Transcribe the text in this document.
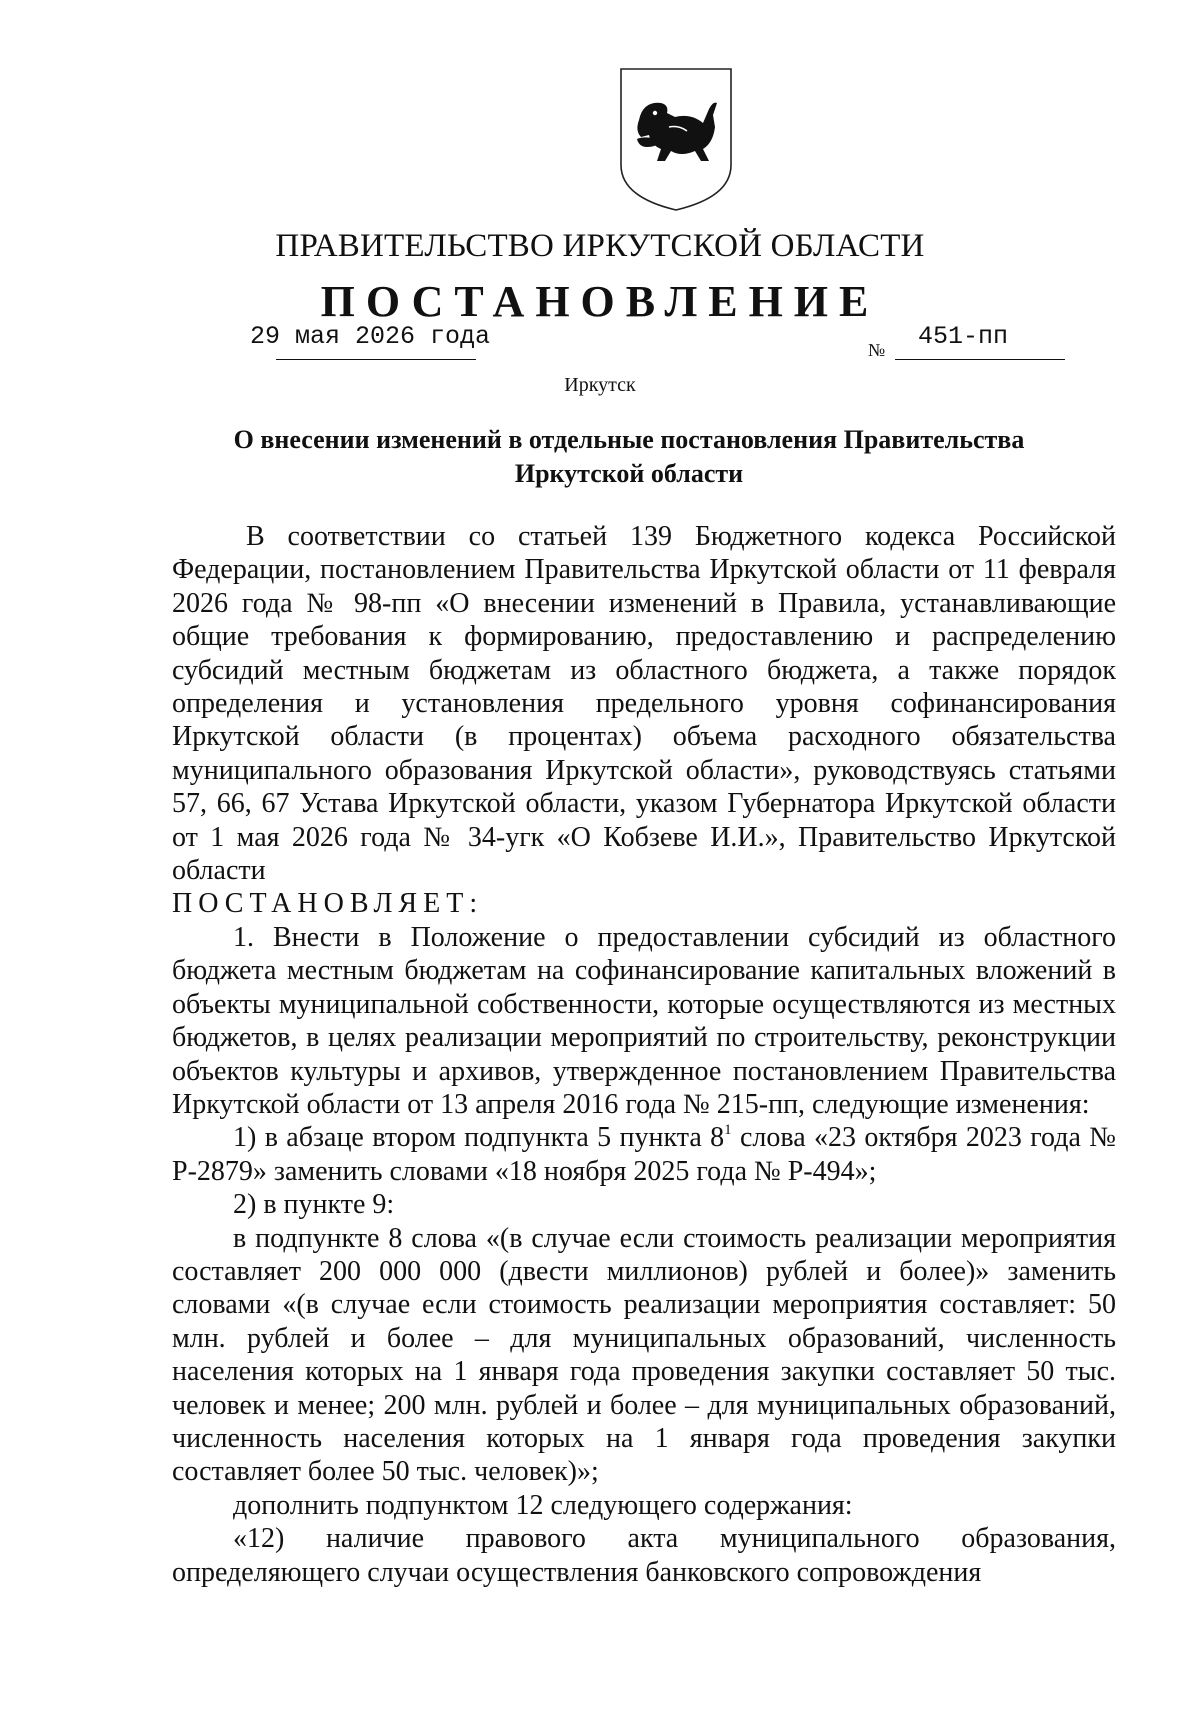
ПРАВИТЕЛЬСТВО ИРКУТСКОЙ ОБЛАСТИ
ПОСТАНОВЛЕНИЕ
29 мая 2026 года	№ 451-пп
Иркутск
О внесении изменений в отдельные постановления Правительства
Иркутской области

В соответствии со статьей 139 Бюджетного кодекса Российской Федерации, постановлением Правительства Иркутской области от 11 февраля 2026 года № 98-пп «О внесении изменений в Правила, устанавливающие общие требования к формированию, предоставлению и распределению субсидий местным бюджетам из областного бюджета, а также порядок определения и установления предельного уровня софинансирования Иркутской области (в процентах) объема расходного обязательства муниципального образования Иркутской области», руководствуясь статьями 57, 66, 67 Устава Иркутской области, указом Губернатора Иркутской области от 1 мая 2026 года № 34-угк «О Кобзеве И.И.», Правительство Иркутской области

ПОСТАНОВЛЯЕТ:

1. Внести в Положение о предоставлении субсидий из областного бюджета местным бюджетам на софинансирование капитальных вложений в объекты муниципальной собственности, которые осуществляются из местных бюджетов, в целях реализации мероприятий по строительству, реконструкции объектов культуры и архивов, утвержденное постановлением Правительства Иркутской области от 13 апреля 2016 года № 215-пп, следующие изменения:

1) в абзаце втором подпункта 5 пункта $8^1$ слова «23 октября 2023 года № Р-2879» заменить словами «18 ноября 2025 года № Р-494»;

2) в пункте 9:

в подпункте 8 слова «(в случае если стоимость реализации мероприятия составляет 200 000 000 (двести миллионов) рублей и более)» заменить словами «(в случае если стоимость реализации мероприятия составляет: 50 млн. рублей и более – для муниципальных образований, численность населения которых на 1 января года проведения закупки составляет 50 тыс. человек и менее; 200 млн. рублей и более – для муниципальных образований, численность населения которых на 1 января года проведения закупки составляет более 50 тыс. человек)»;

дополнить подпунктом 12 следующего содержания:

«12) наличие правового акта муниципального образования, определяющего случаи осуществления банковского сопровождения
